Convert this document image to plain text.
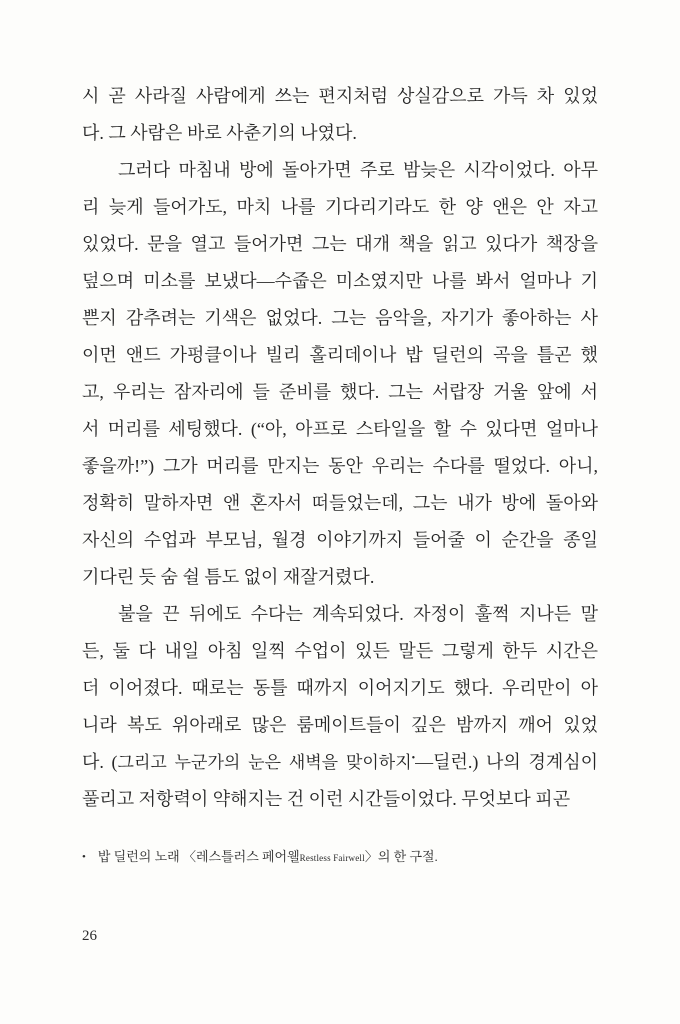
시 곧 사라질 사람에게 쓰는 편지처럼 상실감으로 가득 차 있었
다. 그 사람은 바로 사춘기의 나였다.
그러다 마침내 방에 돌아가면 주로 밤늦은 시각이었다. 아무
리 늦게 들어가도, 마치 나를 기다리기라도 한 양 앤은 안 자고
있었다. 문을 열고 들어가면 그는 대개 책을 읽고 있다가 책장을
덮으며 미소를 보냈다—수줍은 미소였지만 나를 봐서 얼마나 기
쁜지 감추려는 기색은 없었다. 그는 음악을, 자기가 좋아하는 사
이먼 앤드 가펑클이나 빌리 홀리데이나 밥 딜런의 곡을 틀곤 했
고, 우리는 잠자리에 들 준비를 했다. 그는 서랍장 거울 앞에 서
서 머리를 세팅했다. (“아, 아프로 스타일을 할 수 있다면 얼마나
좋을까!”) 그가 머리를 만지는 동안 우리는 수다를 떨었다. 아니,
정확히 말하자면 앤 혼자서 떠들었는데, 그는 내가 방에 돌아와
자신의 수업과 부모님, 월경 이야기까지 들어줄 이 순간을 종일
기다린 듯 숨 쉴 틈도 없이 재잘거렸다.
불을 끈 뒤에도 수다는 계속되었다. 자정이 훌쩍 지나든 말
든, 둘 다 내일 아침 일찍 수업이 있든 말든 그렇게 한두 시간은
더 이어졌다. 때로는 동틀 때까지 이어지기도 했다. 우리만이 아
니라 복도 위아래로 많은 룸메이트들이 깊은 밤까지 깨어 있었
다. (그리고 누군가의 눈은 새벽을 맞이하지•—딜런.) 나의 경계심이
풀리고 저항력이 약해지는 건 이런 시간들이었다. 무엇보다 피곤
• 밥 딜런의 노래 〈레스틀러스 페어웰Restless Fairwell〉의 한 구절.
26
